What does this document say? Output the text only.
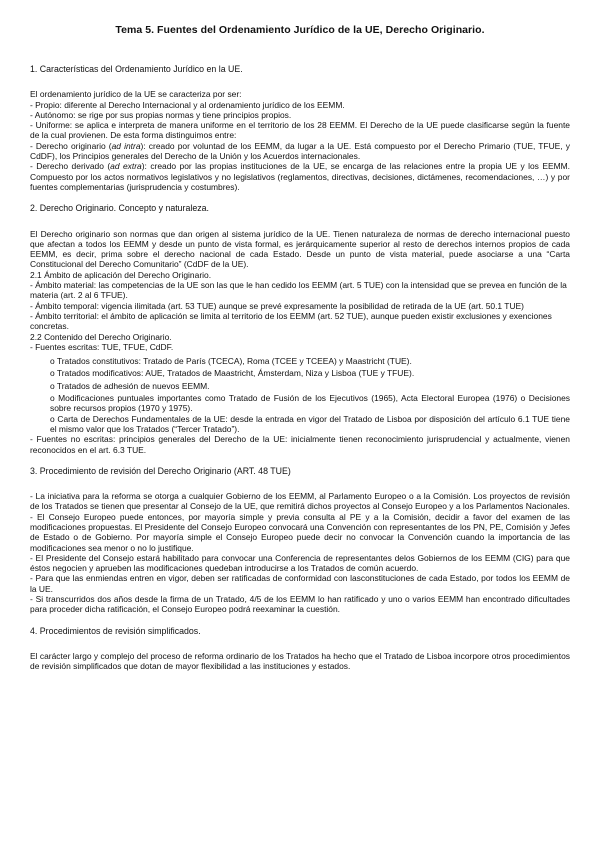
Tema 5. Fuentes del Ordenamiento Jurídico de la UE, Derecho Originario.

1. Características del Ordenamiento Jurídico en la UE.

El ordenamiento jurídico de la UE se caracteriza por ser:

- Propio: diferente al Derecho Internacional y al ordenamiento jurídico de los EEMM.

- Autónomo: se rige por sus propias normas y tiene principios propios.

- Uniforme: se aplica e interpreta de manera uniforme en el territorio de los 28 EEMM. El Derecho de la UE puede clasificarse según la fuente de la cual provienen. De esta forma distinguimos entre:

- Derecho originario (ad intra): creado por voluntad de los EEMM, da lugar a la UE. Está compuesto por el Derecho Primario (TUE, TFUE, y CdDF), los Principios generales del Derecho de la Unión y los Acuerdos internacionales.

- Derecho derivado (ad extra): creado por las propias instituciones de la UE, se encarga de las relaciones entre la propia UE y los EEMM. Compuesto por los actos normativos legislativos y no legislativos (reglamentos, directivas, decisiones, dictámenes, recomendaciones, …) y por fuentes complementarias (jurisprudencia y costumbres).

2. Derecho Originario. Concepto y naturaleza.

El Derecho originario son normas que dan origen al sistema jurídico de la UE. Tienen naturaleza de normas de derecho internacional puesto que afectan a todos los EEMM y desde un punto de vista formal, es jerárquicamente superior al resto de derechos internos propios de cada EEMM, es decir, prima sobre el derecho nacional de cada Estado. Desde un punto de vista material, puede asociarse a una “Carta Constitucional del Derecho Comunitario” (CdDF de la UE).

2.1 Ámbito de aplicación del Derecho Originario.

- Ámbito material: las competencias de la UE son las que le han cedido los EEMM (art. 5 TUE) con la intensidad que se prevea en función de la materia (art. 2 al 6 TFUE).

- Ámbito temporal: vigencia ilimitada (art. 53 TUE) aunque se prevé expresamente la posibilidad de retirada de la UE (art. 50.1 TUE)

- Ámbito territorial: el ámbito de aplicación se limita al territorio de los EEMM (art. 52 TUE), aunque pueden existir exclusiones y exenciones concretas.

2.2 Contenido del Derecho Originario.

- Fuentes escritas: TUE, TFUE, CdDF.

o Tratados constitutivos: Tratado de París (TCECA), Roma (TCEE y TCEEA) y Maastricht (TUE).

o Tratados modificativos: AUE, Tratados de Maastricht, Ámsterdam, Niza y Lisboa (TUE y TFUE).

o Tratados de adhesión de nuevos EEMM.

o Modificaciones puntuales importantes como Tratado de Fusión de los Ejecutivos (1965), Acta Electoral Europea (1976) o Decisiones sobre recursos propios (1970 y 1975).

o Carta de Derechos Fundamentales de la UE: desde la entrada en vigor del Tratado de Lisboa por disposición del artículo 6.1 TUE tiene el mismo valor que los Tratados (“Tercer Tratado”).

- Fuentes no escritas: principios generales del Derecho de la UE: inicialmente tienen reconocimiento jurisprudencial y actualmente, vienen reconocidos en el art. 6.3 TUE.

3. Procedimiento de revisión del Derecho Originario (ART. 48 TUE)

- La iniciativa para la reforma se otorga a cualquier Gobierno de los EEMM, al Parlamento Europeo o a la Comisión. Los proyectos de revisión de los Tratados se tienen que presentar al Consejo de la UE, que remitirá dichos proyectos al Consejo Europeo y a los Parlamentos Nacionales.

- El Consejo Europeo puede entonces, por mayoría simple y previa consulta al PE y a la Comisión, decidir a favor del examen de las modificaciones propuestas. El Presidente del Consejo Europeo convocará una Convención con representantes de los PN, PE, Comisión y Jefes de Estado o de Gobierno. Por mayoría simple el Consejo Europeo puede decir no convocar la Convención cuando la importancia de las modificaciones sea menor o no lo justifique.

- El Presidente del Consejo estará habilitado para convocar una Conferencia de representantes delos Gobiernos de los EEMM (CIG) para que éstos negocien y aprueben las modificaciones quedeban introducirse a los Tratados de común acuerdo.

- Para que las enmiendas entren en vigor, deben ser ratificadas de conformidad con lasconstituciones de cada Estado, por todos los EEMM de la UE.

- Si transcurridos dos años desde la firma de un Tratado, 4/5 de los EEMM lo han ratificado y uno o varios EEMM han encontrado dificultades para proceder dicha ratificación, el Consejo Europeo podrá reexaminar la cuestión.

4. Procedimientos de revisión simplificados.

El carácter largo y complejo del proceso de reforma ordinario de los Tratados ha hecho que el Tratado de Lisboa incorpore otros procedimientos de revisión simplificados que dotan de mayor flexibilidad a las instituciones y estados.
